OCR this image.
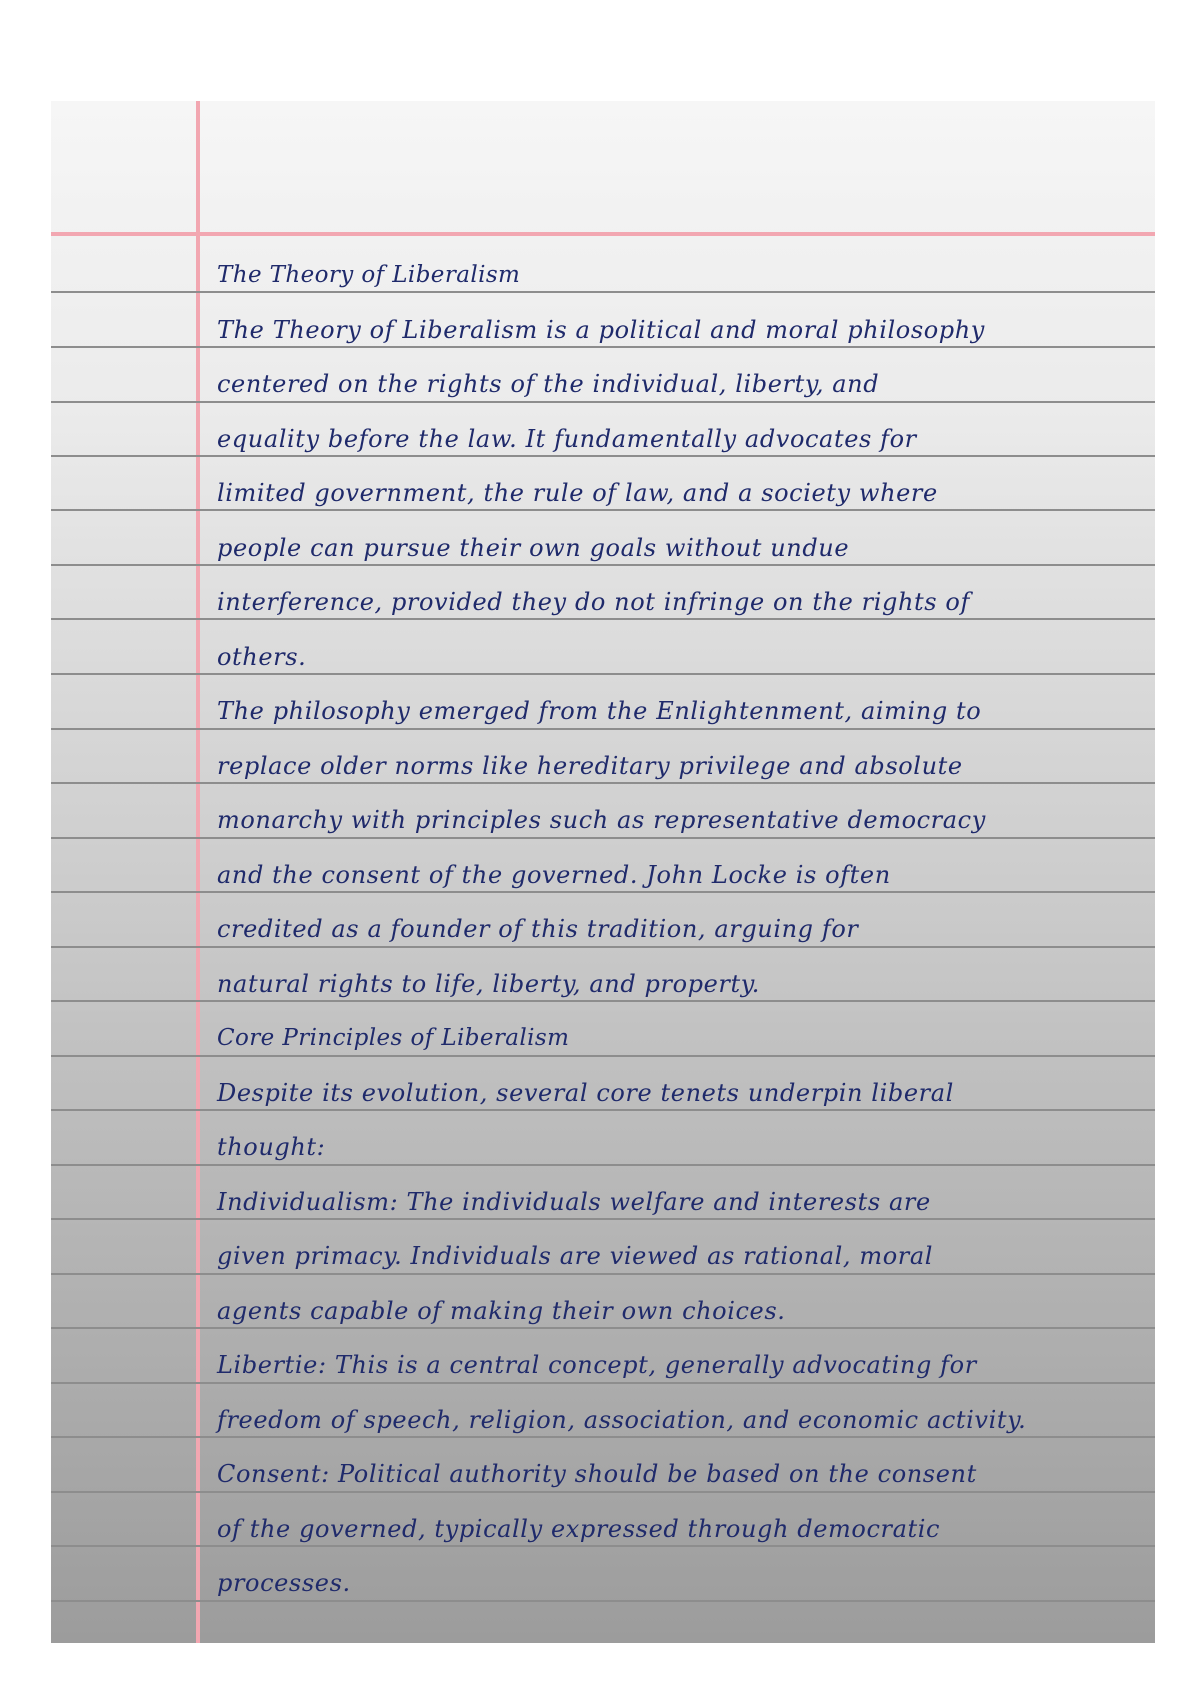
The Theory of Liberalism
The Theory of Liberalism is a political and moral philosophy
centered on the rights of the individual, liberty, and
equality before the law. It fundamentally advocates for
limited government, the rule of law, and a society where
people can pursue their own goals without undue
interference, provided they do not infringe on the rights of
others.
The philosophy emerged from the Enlightenment, aiming to
replace older norms like hereditary privilege and absolute
monarchy with principles such as representative democracy
and the consent of the governed. John Locke is often
credited as a founder of this tradition, arguing for
natural rights to life, liberty, and property.
Core Principles of Liberalism
Despite its evolution, several core tenets underpin liberal
thought:
Individualism: The individuals welfare and interests are
given primacy. Individuals are viewed as rational, moral
agents capable of making their own choices.
Libertie: This is a central concept, generally advocating for
freedom of speech, religion, association, and economic activity.
Consent: Political authority should be based on the consent
of the governed, typically expressed through democratic
processes.
